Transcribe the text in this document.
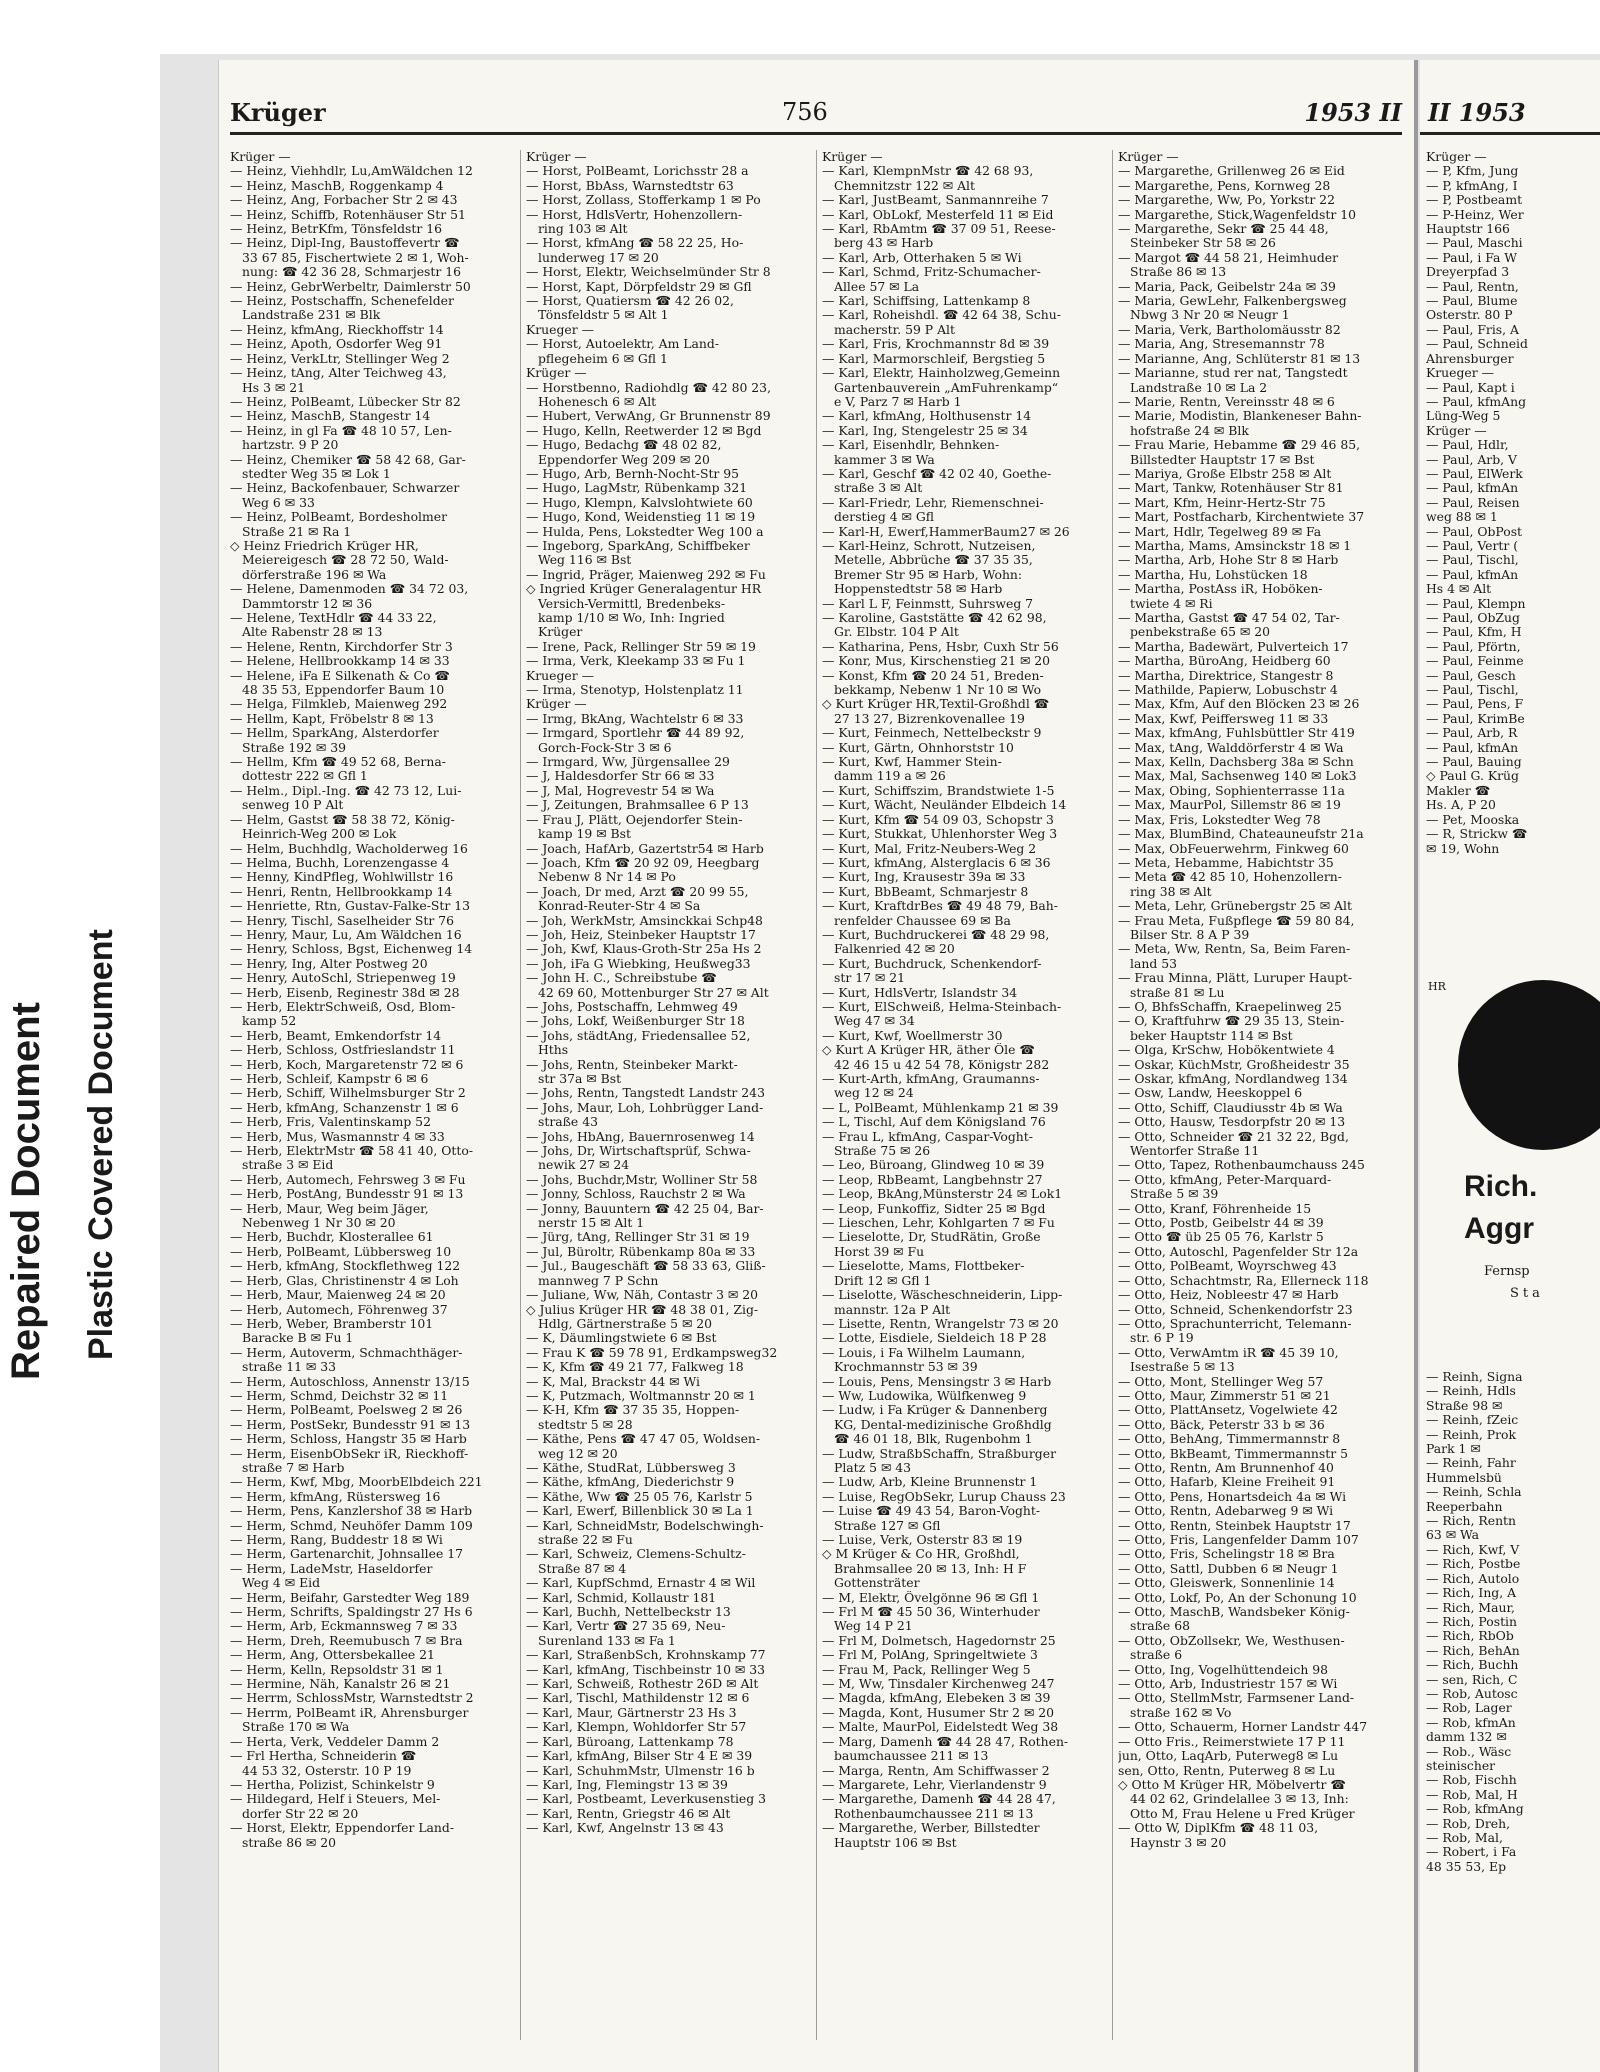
Repaired Document Plastic Covered Document
Krüger	756	1953 II
Krüger —
— Heinz, Viehhdlr, Lu,AmWäldchen 12
— Heinz, MaschB, Roggenkamp 4
— Heinz, Ang, Forbacher Str 2 ✉ 43
— Heinz, Schiffb, Rotenhäuser Str 51
— Heinz, BetrKfm, Tönsfeldstr 16
— Heinz, Dipl-Ing, Baustoffevertr ☎
33 67 85, Fischertwiete 2 ✉ 1, Woh-
nung: ☎ 42 36 28, Schmarjestr 16
— Heinz, GebrWerbeltr, Daimlerstr 50
— Heinz, Postschaffn, Schenefelder
Landstraße 231 ✉ Blk
— Heinz, kfmAng, Rieckhoffstr 14
— Heinz, Apoth, Osdorfer Weg 91
— Heinz, VerkLtr, Stellinger Weg 2
— Heinz, tAng, Alter Teichweg 43,
Hs 3 ✉ 21
— Heinz, PolBeamt, Lübecker Str 82
— Heinz, MaschB, Stangestr 14
— Heinz, in gl Fa ☎ 48 10 57, Len-
hartzstr. 9 P 20
— Heinz, Chemiker ☎ 58 42 68, Gar-
stedter Weg 35 ✉ Lok 1
— Heinz, Backofenbauer, Schwarzer
Weg 6 ✉ 33
— Heinz, PolBeamt, Bordesholmer
Straße 21 ✉ Ra 1
◇ Heinz Friedrich Krüger HR,
Meiereigesch ☎ 28 72 50, Wald-
dörferstraße 196 ✉ Wa
— Helene, Damenmoden ☎ 34 72 03,
Dammtorstr 12 ✉ 36
— Helene, TextHdlr ☎ 44 33 22,
Alte Rabenstr 28 ✉ 13
— Helene, Rentn, Kirchdorfer Str 3
— Helene, Hellbrookkamp 14 ✉ 33
— Helene, iFa E Silkenath & Co ☎
48 35 53, Eppendorfer Baum 10
— Helga, Filmkleb, Maienweg 292
— Hellm, Kapt, Fröbelstr 8 ✉ 13
— Hellm, SparkAng, Alsterdorfer
Straße 192 ✉ 39
— Hellm, Kfm ☎ 49 52 68, Berna-
dottestr 222 ✉ Gfl 1
— Helm., Dipl.-Ing. ☎ 42 73 12, Lui-
senweg 10 P Alt
— Helm, Gastst ☎ 58 38 72, König-
Heinrich-Weg 200 ✉ Lok
— Helm, Buchhdlg, Wacholderweg 16
— Helma, Buchh, Lorenzengasse 4
— Henny, KindPfleg, Wohlwillstr 16
— Henri, Rentn, Hellbrookkamp 14
— Henriette, Rtn, Gustav-Falke-Str 13
— Henry, Tischl, Saselheider Str 76
— Henry, Maur, Lu, Am Wäldchen 16
— Henry, Schloss, Bgst, Eichenweg 14
— Henry, Ing, Alter Postweg 20
— Henry, AutoSchl, Striepenweg 19
— Herb, Eisenb, Reginestr 38d ✉ 28
— Herb, ElektrSchweiß, Osd, Blom-
kamp 52
— Herb, Beamt, Emkendorfstr 14
— Herb, Schloss, Ostfrieslandstr 11
— Herb, Koch, Margaretenstr 72 ✉ 6
— Herb, Schleif, Kampstr 6 ✉ 6
— Herb, Schiff, Wilhelmsburger Str 2
— Herb, kfmAng, Schanzenstr 1 ✉ 6
— Herb, Fris, Valentinskamp 52
— Herb, Mus, Wasmannstr 4 ✉ 33
— Herb, ElektrMstr ☎ 58 41 40, Otto-
straße 3 ✉ Eid
— Herb, Automech, Fehrsweg 3 ✉ Fu
— Herb, PostAng, Bundesstr 91 ✉ 13
— Herb, Maur, Weg beim Jäger,
Nebenweg 1 Nr 30 ✉ 20
— Herb, Buchdr, Klosterallee 61
— Herb, PolBeamt, Lübbersweg 10
— Herb, kfmAng, Stockflethweg 122
— Herb, Glas, Christinenstr 4 ✉ Loh
— Herb, Maur, Maienweg 24 ✉ 20
— Herb, Automech, Föhrenweg 37
— Herb, Weber, Bramberstr 101
Baracke B ✉ Fu 1
— Herm, Autoverm, Schmachthäger-
straße 11 ✉ 33
— Herm, Autoschloss, Annenstr 13/15
— Herm, Schmd, Deichstr 32 ✉ 11
— Herm, PolBeamt, Poelsweg 2 ✉ 26
— Herm, PostSekr, Bundesstr 91 ✉ 13
— Herm, Schloss, Hangstr 35 ✉ Harb
— Herm, EisenbObSekr iR, Rieckhoff-
straße 7 ✉ Harb
— Herm, Kwf, Mbg, MoorbElbdeich 221
— Herm, kfmAng, Rüstersweg 16
— Herm, Pens, Kanzlershof 38 ✉ Harb
— Herm, Schmd, Neuhöfer Damm 109
— Herm, Rang, Buddestr 18 ✉ Wi
— Herm, Gartenarchit, Johnsallee 17
— Herm, LadeMstr, Haseldorfer
Weg 4 ✉ Eid
— Herm, Beifahr, Garstedter Weg 189
— Herm, Schrifts, Spaldingstr 27 Hs 6
— Herm, Arb, Eckmannsweg 7 ✉ 33
— Herm, Dreh, Reemubusch 7 ✉ Bra
— Herm, Ang, Ottersbekallee 21
— Herm, Kelln, Repsoldstr 31 ✉ 1
— Hermine, Näh, Kanalstr 26 ✉ 21
— Herrm, SchlossMstr, Warnstedtstr 2
— Herrm, PolBeamt iR, Ahrensburger
Straße 170 ✉ Wa
— Herta, Verk, Veddeler Damm 2
— Frl Hertha, Schneiderin ☎
44 53 32, Osterstr. 10 P 19
— Hertha, Polizist, Schinkelstr 9
— Hildegard, Helf i Steuers, Mel-
dorfer Str 22 ✉ 20
— Horst, Elektr, Eppendorfer Land-
straße 86 ✉ 20
Krüger —
— Horst, PolBeamt, Lorichsstr 28 a
— Horst, BbAss, Warnstedtstr 63
— Horst, Zollass, Stofferkamp 1 ✉ Po
— Horst, HdlsVertr, Hohenzollern-
ring 103 ✉ Alt
— Horst, kfmAng ☎ 58 22 25, Ho-
lunderweg 17 ✉ 20
— Horst, Elektr, Weichselmünder Str 8
— Horst, Kapt, Dörpfeldstr 29 ✉ Gfl
— Horst, Quatiersm ☎ 42 26 02,
Tönsfeldstr 5 ✉ Alt 1
Krueger —
— Horst, Autoelektr, Am Land-
pflegeheim 6 ✉ Gfl 1
Krüger —
— Horstbenno, Radiohdlg ☎ 42 80 23,
Hohenesch 6 ✉ Alt
— Hubert, VerwAng, Gr Brunnenstr 89
— Hugo, Kelln, Reetwerder 12 ✉ Bgd
— Hugo, Bedachg ☎ 48 02 82,
Eppendorfer Weg 209 ✉ 20
— Hugo, Arb, Bernh-Nocht-Str 95
— Hugo, LagMstr, Rübenkamp 321
— Hugo, Klempn, Kalvslohtwiete 60
— Hugo, Kond, Weidenstieg 11 ✉ 19
— Hulda, Pens, Lokstedter Weg 100 a
— Ingeborg, SparkAng, Schiffbeker
Weg 116 ✉ Bst
— Ingrid, Präger, Maienweg 292 ✉ Fu
◇ Ingried Krüger Generalagentur HR
Versich-Vermittl, Bredenbeks-
kamp 1/10 ✉ Wo, Inh: Ingried
Krüger
— Irene, Pack, Rellinger Str 59 ✉ 19
— Irma, Verk, Kleekamp 33 ✉ Fu 1
Krueger —
— Irma, Stenotyp, Holstenplatz 11
Krüger —
— Irmg, BkAng, Wachtelstr 6 ✉ 33
— Irmgard, Sportlehr ☎ 44 89 92,
Gorch-Fock-Str 3 ✉ 6
— Irmgard, Ww, Jürgensallee 29
— J, Haldesdorfer Str 66 ✉ 33
— J, Mal, Hogrevestr 54 ✉ Wa
— J, Zeitungen, Brahmsallee 6 P 13
— Frau J, Plätt, Oejendorfer Stein-
kamp 19 ✉ Bst
— Joach, HafArb, Gazertstr54 ✉ Harb
— Joach, Kfm ☎ 20 92 09, Heegbarg
Nebenw 8 Nr 14 ✉ Po
— Joach, Dr med, Arzt ☎ 20 99 55,
Konrad-Reuter-Str 4 ✉ Sa
— Joh, WerkMstr, Amsinckkai Schp48
— Joh, Heiz, Steinbeker Hauptstr 17
— Joh, Kwf, Klaus-Groth-Str 25a Hs 2
— Joh, iFa G Wiebking, Heußweg33
— John H. C., Schreibstube ☎
42 69 60, Mottenburger Str 27 ✉ Alt
— Johs, Postschaffn, Lehmweg 49
— Johs, Lokf, Weißenburger Str 18
— Johs, städtAng, Friedensallee 52,
Hths
— Johs, Rentn, Steinbeker Markt-
str 37a ✉ Bst
— Johs, Rentn, Tangstedt Landstr 243
— Johs, Maur, Loh, Lohbrügger Land-
straße 43
— Johs, HbAng, Bauernrosenweg 14
— Johs, Dr, Wirtschaftsprüf, Schwa-
newik 27 ✉ 24
— Johs, Buchdr,Mstr, Wolliner Str 58
— Jonny, Schloss, Rauchstr 2 ✉ Wa
— Jonny, Bauuntern ☎ 42 25 04, Bar-
nerstr 15 ✉ Alt 1
— Jürg, tAng, Rellinger Str 31 ✉ 19
— Jul, Büroltr, Rübenkamp 80a ✉ 33
— Jul., Baugeschäft ☎ 58 33 63, Gliß-
mannweg 7 P Schn
— Juliane, Ww, Näh, Contastr 3 ✉ 20
◇ Julius Krüger HR ☎ 48 38 01, Zig-
Hdlg, Gärtnerstraße 5 ✉ 20
— K, Däumlingstwiete 6 ✉ Bst
— Frau K ☎ 59 78 91, Erdkampsweg32
— K, Kfm ☎ 49 21 77, Falkweg 18
— K, Mal, Brackstr 44 ✉ Wi
— K, Putzmach, Woltmannstr 20 ✉ 1
— K-H, Kfm ☎ 37 35 35, Hoppen-
stedtstr 5 ✉ 28
— Käthe, Pens ☎ 47 47 05, Woldsen-
weg 12 ✉ 20
— Käthe, StudRat, Lübbersweg 3
— Käthe, kfmAng, Diederichstr 9
— Käthe, Ww ☎ 25 05 76, Karlstr 5
— Karl, Ewerf, Billenblick 30 ✉ La 1
— Karl, SchneidMstr, Bodelschwingh-
straße 22 ✉ Fu
— Karl, Schweiz, Clemens-Schultz-
Straße 87 ✉ 4
— Karl, KupfSchmd, Ernastr 4 ✉ Wil
— Karl, Schmid, Kollaustr 181
— Karl, Buchh, Nettelbeckstr 13
— Karl, Vertr ☎ 27 35 69, Neu-
Surenland 133 ✉ Fa 1
— Karl, StraßenbSch, Krohnskamp 77
— Karl, kfmAng, Tischbeinstr 10 ✉ 33
— Karl, Schweiß, Rothestr 26D ✉ Alt
— Karl, Tischl, Mathildenstr 12 ✉ 6
— Karl, Maur, Gärtnerstr 23 Hs 3
— Karl, Klempn, Wohldorfer Str 57
— Karl, Büroang, Lattenkamp 78
— Karl, kfmAng, Bilser Str 4 E ✉ 39
— Karl, SchuhmMstr, Ulmenstr 16 b
— Karl, Ing, Flemingstr 13 ✉ 39
— Karl, Postbeamt, Leverkusenstieg 3
— Karl, Rentn, Griegstr 46 ✉ Alt
— Karl, Kwf, Angelnstr 13 ✉ 43
Krüger —
— Karl, KlempnMstr ☎ 42 68 93,
Chemnitzstr 122 ✉ Alt
— Karl, JustBeamt, Sanmannreihe 7
— Karl, ObLokf, Mesterfeld 11 ✉ Eid
— Karl, RbAmtm ☎ 37 09 51, Reese-
berg 43 ✉ Harb
— Karl, Arb, Otterhaken 5 ✉ Wi
— Karl, Schmd, Fritz-Schumacher-
Allee 57 ✉ La
— Karl, Schiffsing, Lattenkamp 8
— Karl, Roheishdl. ☎ 42 64 38, Schu-
macherstr. 59 P Alt
— Karl, Fris, Krochmannstr 8d ✉ 39
— Karl, Marmorschleif, Bergstieg 5
— Karl, Elektr, Hainholzweg,Gemeinn
Gartenbauverein „AmFuhrenkamp“
e V, Parz 7 ✉ Harb 1
— Karl, kfmAng, Holthusenstr 14
— Karl, Ing, Stengelestr 25 ✉ 34
— Karl, Eisenhdlr, Behnken-
kammer 3 ✉ Wa
— Karl, Geschf ☎ 42 02 40, Goethe-
straße 3 ✉ Alt
— Karl-Friedr, Lehr, Riemenschnei-
derstieg 4 ✉ Gfl
— Karl-H, Ewerf,HammerBaum27 ✉ 26
— Karl-Heinz, Schrott, Nutzeisen,
Metelle, Abbrüche ☎ 37 35 35,
Bremer Str 95 ✉ Harb, Wohn:
Hoppenstedtstr 58 ✉ Harb
— Karl L F, Feinmstt, Suhrsweg 7
— Karoline, Gaststätte ☎ 42 62 98,
Gr. Elbstr. 104 P Alt
— Katharina, Pens, Hsbr, Cuxh Str 56
— Konr, Mus, Kirschenstieg 21 ✉ 20
— Konst, Kfm ☎ 20 24 51, Breden-
bekkamp, Nebenw 1 Nr 10 ✉ Wo
◇ Kurt Krüger HR,Textil-Großhdl ☎
27 13 27, Bizrenkovenallee 19
— Kurt, Feinmech, Nettelbeckstr 9
— Kurt, Gärtn, Ohnhorststr 10
— Kurt, Kwf, Hammer Stein-
damm 119 a ✉ 26
— Kurt, Schiffszim, Brandstwiete 1-5
— Kurt, Wächt, Neuländer Elbdeich 14
— Kurt, Kfm ☎ 54 09 03, Schopstr 3
— Kurt, Stukkat, Uhlenhorster Weg 3
— Kurt, Mal, Fritz-Neubers-Weg 2
— Kurt, kfmAng, Alsterglacis 6 ✉ 36
— Kurt, Ing, Krausestr 39a ✉ 33
— Kurt, BbBeamt, Schmarjestr 8
— Kurt, KraftdrBes ☎ 49 48 79, Bah-
renfelder Chaussee 69 ✉ Ba
— Kurt, Buchdruckerei ☎ 48 29 98,
Falkenried 42 ✉ 20
— Kurt, Buchdruck, Schenkendorf-
str 17 ✉ 21
— Kurt, HdlsVertr, Islandstr 34
— Kurt, ElSchweiß, Helma-Steinbach-
Weg 47 ✉ 34
— Kurt, Kwf, Woellmerstr 30
◇ Kurt A Krüger HR, äther Öle ☎
42 46 15 u 42 54 78, Königstr 282
— Kurt-Arth, kfmAng, Graumanns-
weg 12 ✉ 24
— L, PolBeamt, Mühlenkamp 21 ✉ 39
— L, Tischl, Auf dem Königsland 76
— Frau L, kfmAng, Caspar-Voght-
Straße 75 ✉ 26
— Leo, Büroang, Glindweg 10 ✉ 39
— Leop, RbBeamt, Langbehnstr 27
— Leop, BkAng,Münsterstr 24 ✉ Lok1
— Leop, Funkoffiz, Sidter 25 ✉ Bgd
— Lieschen, Lehr, Kohlgarten 7 ✉ Fu
— Lieselotte, Dr, StudRätin, Große
Horst 39 ✉ Fu
— Lieselotte, Mams, Flottbeker-
Drift 12 ✉ Gfl 1
— Liselotte, Wäscheschneiderin, Lipp-
mannstr. 12a P Alt
— Lisette, Rentn, Wrangelstr 73 ✉ 20
— Lotte, Eisdiele, Sieldeich 18 P 28
— Louis, i Fa Wilhelm Laumann,
Krochmannstr 53 ✉ 39
— Louis, Pens, Mensingstr 3 ✉ Harb
— Ww, Ludowika, Wülfkenweg 9
— Ludw, i Fa Krüger & Dannenberg
KG, Dental-medizinische Großhdlg
☎ 46 01 18, Blk, Rugenbohm 1
— Ludw, StraßbSchaffn, Straßburger
Platz 5 ✉ 43
— Ludw, Arb, Kleine Brunnenstr 1
— Luise, RegObSekr, Lurup Chauss 23
— Luise ☎ 49 43 54, Baron-Voght-
Straße 127 ✉ Gfl
— Luise, Verk, Osterstr 83 ✉ 19
◇ M Krüger & Co HR, Großhdl,
Brahmsallee 20 ✉ 13, Inh: H F
Gottensträter
— M, Elektr, Övelgönne 96 ✉ Gfl 1
— Frl M ☎ 45 50 36, Winterhuder
Weg 14 P 21
— Frl M, Dolmetsch, Hagedornstr 25
— Frl M, PolAng, Springeltwiete 3
— Frau M, Pack, Rellinger Weg 5
— M, Ww, Tinsdaler Kirchenweg 247
— Magda, kfmAng, Elebeken 3 ✉ 39
— Magda, Kont, Husumer Str 2 ✉ 20
— Malte, MaurPol, Eidelstedt Weg 38
— Marg, Damenh ☎ 44 28 47, Rothen-
baumchaussee 211 ✉ 13
— Marga, Rentn, Am Schiffwasser 2
— Margarete, Lehr, Vierlandenstr 9
— Margarethe, Damenh ☎ 44 28 47,
Rothenbaumchaussee 211 ✉ 13
— Margarethe, Werber, Billstedter
Hauptstr 106 ✉ Bst
Krüger —
— Margarethe, Grillenweg 26 ✉ Eid
— Margarethe, Pens, Kornweg 28
— Margarethe, Ww, Po, Yorkstr 22
— Margarethe, Stick,Wagenfeldstr 10
— Margarethe, Sekr ☎ 25 44 48,
Steinbeker Str 58 ✉ 26
— Margot ☎ 44 58 21, Heimhuder
Straße 86 ✉ 13
— Maria, Pack, Geibelstr 24a ✉ 39
— Maria, GewLehr, Falkenbergsweg
Nbwg 3 Nr 20 ✉ Neugr 1
— Maria, Verk, Bartholomäusstr 82
— Maria, Ang, Stresemannstr 78
— Marianne, Ang, Schlüterstr 81 ✉ 13
— Marianne, stud rer nat, Tangstedt
Landstraße 10 ✉ La 2
— Marie, Rentn, Vereinsstr 48 ✉ 6
— Marie, Modistin, Blankeneser Bahn-
hofstraße 24 ✉ Blk
— Frau Marie, Hebamme ☎ 29 46 85,
Billstedter Hauptstr 17 ✉ Bst
— Mariya, Große Elbstr 258 ✉ Alt
— Mart, Tankw, Rotenhäuser Str 81
— Mart, Kfm, Heinr-Hertz-Str 75
— Mart, Postfacharb, Kirchentwiete 37
— Mart, Hdlr, Tegelweg 89 ✉ Fa
— Martha, Mams, Amsinckstr 18 ✉ 1
— Martha, Arb, Hohe Str 8 ✉ Harb
— Martha, Hu, Lohstücken 18
— Martha, PostAss iR, Hoböken-
twiete 4 ✉ Ri
— Martha, Gastst ☎ 47 54 02, Tar-
penbekstraße 65 ✉ 20
— Martha, Badewärt, Pulverteich 17
— Martha, BüroAng, Heidberg 60
— Martha, Direktrice, Stangestr 8
— Mathilde, Papierw, Lobuschstr 4
— Max, Kfm, Auf den Blöcken 23 ✉ 26
— Max, Kwf, Peiffersweg 11 ✉ 33
— Max, kfmAng, Fuhlsbüttler Str 419
— Max, tAng, Walddörferstr 4 ✉ Wa
— Max, Kelln, Dachsberg 38a ✉ Schn
— Max, Mal, Sachsenweg 140 ✉ Lok3
— Max, Obing, Sophienterrasse 11a
— Max, MaurPol, Sillemstr 86 ✉ 19
— Max, Fris, Lokstedter Weg 78
— Max, BlumBind, Chateauneufstr 21a
— Max, ObFeuerwehrm, Finkweg 60
— Meta, Hebamme, Habichtstr 35
— Meta ☎ 42 85 10, Hohenzollern-
ring 38 ✉ Alt
— Meta, Lehr, Grünebergstr 25 ✉ Alt
— Frau Meta, Fußpflege ☎ 59 80 84,
Bilser Str. 8 A P 39
— Meta, Ww, Rentn, Sa, Beim Faren-
land 53
— Frau Minna, Plätt, Luruper Haupt-
straße 81 ✉ Lu
— O, BhfsSchaffn, Kraepelinweg 25
— O, Kraftfuhrw ☎ 29 35 13, Stein-
beker Hauptstr 114 ✉ Bst
— Olga, KrSchw, Hobökentwiete 4
— Oskar, KüchMstr, Großheidestr 35
— Oskar, kfmAng, Nordlandweg 134
— Osw, Landw, Heeskoppel 6
— Otto, Schiff, Claudiusstr 4b ✉ Wa
— Otto, Hausw, Tesdorpfstr 20 ✉ 13
— Otto, Schneider ☎ 21 32 22, Bgd,
Wentorfer Straße 11
— Otto, Tapez, Rothenbaumchauss 245
— Otto, kfmAng, Peter-Marquard-
Straße 5 ✉ 39
— Otto, Kranf, Föhrenheide 15
— Otto, Postb, Geibelstr 44 ✉ 39
— Otto ☎ üb 25 05 76, Karlstr 5
— Otto, Autoschl, Pagenfelder Str 12a
— Otto, PolBeamt, Woyrschweg 43
— Otto, Schachtmstr, Ra, Ellerneck 118
— Otto, Heiz, Nobleestr 47 ✉ Harb
— Otto, Schneid, Schenkendorfstr 23
— Otto, Sprachunterricht, Telemann-
str. 6 P 19
— Otto, VerwAmtm iR ☎ 45 39 10,
Isestraße 5 ✉ 13
— Otto, Mont, Stellinger Weg 57
— Otto, Maur, Zimmerstr 51 ✉ 21
— Otto, PlattAnsetz, Vogelwiete 42
— Otto, Bäck, Peterstr 33 b ✉ 36
— Otto, BehAng, Timmermannstr 8
— Otto, BkBeamt, Timmermannstr 5
— Otto, Rentn, Am Brunnenhof 40
— Otto, Hafarb, Kleine Freiheit 91
— Otto, Pens, Honartsdeich 4a ✉ Wi
— Otto, Rentn, Adebarweg 9 ✉ Wi
— Otto, Rentn, Steinbek Hauptstr 17
— Otto, Fris, Langenfelder Damm 107
— Otto, Fris, Schelingstr 18 ✉ Bra
— Otto, Sattl, Dubben 6 ✉ Neugr 1
— Otto, Gleiswerk, Sonnenlinie 14
— Otto, Lokf, Po, An der Schonung 10
— Otto, MaschB, Wandsbeker König-
straße 68
— Otto, ObZollsekr, We, Westhusen-
straße 6
— Otto, Ing, Vogelhüttendeich 98
— Otto, Arb, Industriestr 157 ✉ Wi
— Otto, StellmMstr, Farmsener Land-
straße 162 ✉ Vo
— Otto, Schauerm, Horner Landstr 447
— Otto Fris., Reimerstwiete 17 P 11
jun, Otto, LaqArb, Puterweg8 ✉ Lu
sen, Otto, Rentn, Puterweg 8 ✉ Lu
◇ Otto M Krüger HR, Möbelvertr ☎
44 02 62, Grindelallee 3 ✉ 13, Inh:
Otto M, Frau Helene u Fred Krüger
— Otto W, DiplKfm ☎ 48 11 03,
Haynstr 3 ✉ 20
II 1953
Krüger —
— P, Kfm, Jung
— P, kfmAng, I
— P, Postbeamt
— P-Heinz, Wer
Hauptstr 166
— Paul, Maschi
— Paul, i Fa W
Dreyerpfad 3
— Paul, Rentn,
— Paul, Blume
Osterstr. 80 P
— Paul, Fris, A
— Paul, Schneid
Ahrensburger
Krueger —
— Paul, Kapt i
— Paul, kfmAng
Lüng-Weg 5
Krüger —
— Paul, Hdlr,
— Paul, Arb, V
— Paul, ElWerk
— Paul, kfmAn
— Paul, Reisen
weg 88 ✉ 1
— Paul, ObPost
— Paul, Vertr (
— Paul, Tischl,
— Paul, kfmAn
Hs 4 ✉ Alt
— Paul, Klempn
— Paul, ObZug
— Paul, Kfm, H
— Paul, Pförtn,
— Paul, Feinme
— Paul, Gesch
— Paul, Tischl,
— Paul, Pens, F
— Paul, KrimBe
— Paul, Arb, R
— Paul, kfmAn
— Paul, Bauing
◇ Paul G. Krüg
Makler ☎
Hs. A, P 20
— Pet, Mooska
— R, Strickw ☎
✉ 19, Wohn
HR
Rich.
Aggr
Fernsp
Sta
— Reinh, Signa
— Reinh, Hdls
Straße 98 ✉
— Reinh, fZeic
— Reinh, Prok
Park 1 ✉
— Reinh, Fahr
Hummelsbü
— Reinh, Schla
Reeperbahn
— Rich, Rentn
63 ✉ Wa
— Rich, Kwf, V
— Rich, Postbe
— Rich, Autolo
— Rich, Ing, A
— Rich, Maur,
— Rich, Postin
— Rich, RbOb
— Rich, BehAn
— Rich, Buchh
— sen, Rich, C
— Rob, Autosc
— Rob, Lager
— Rob, kfmAn
damm 132 ✉
— Rob., Wäsc
steinischer
— Rob, Fischh
— Rob, Mal, H
— Rob, kfmAng
— Rob, Dreh,
— Rob, Mal,
— Robert, i Fa
48 35 53, Ep
